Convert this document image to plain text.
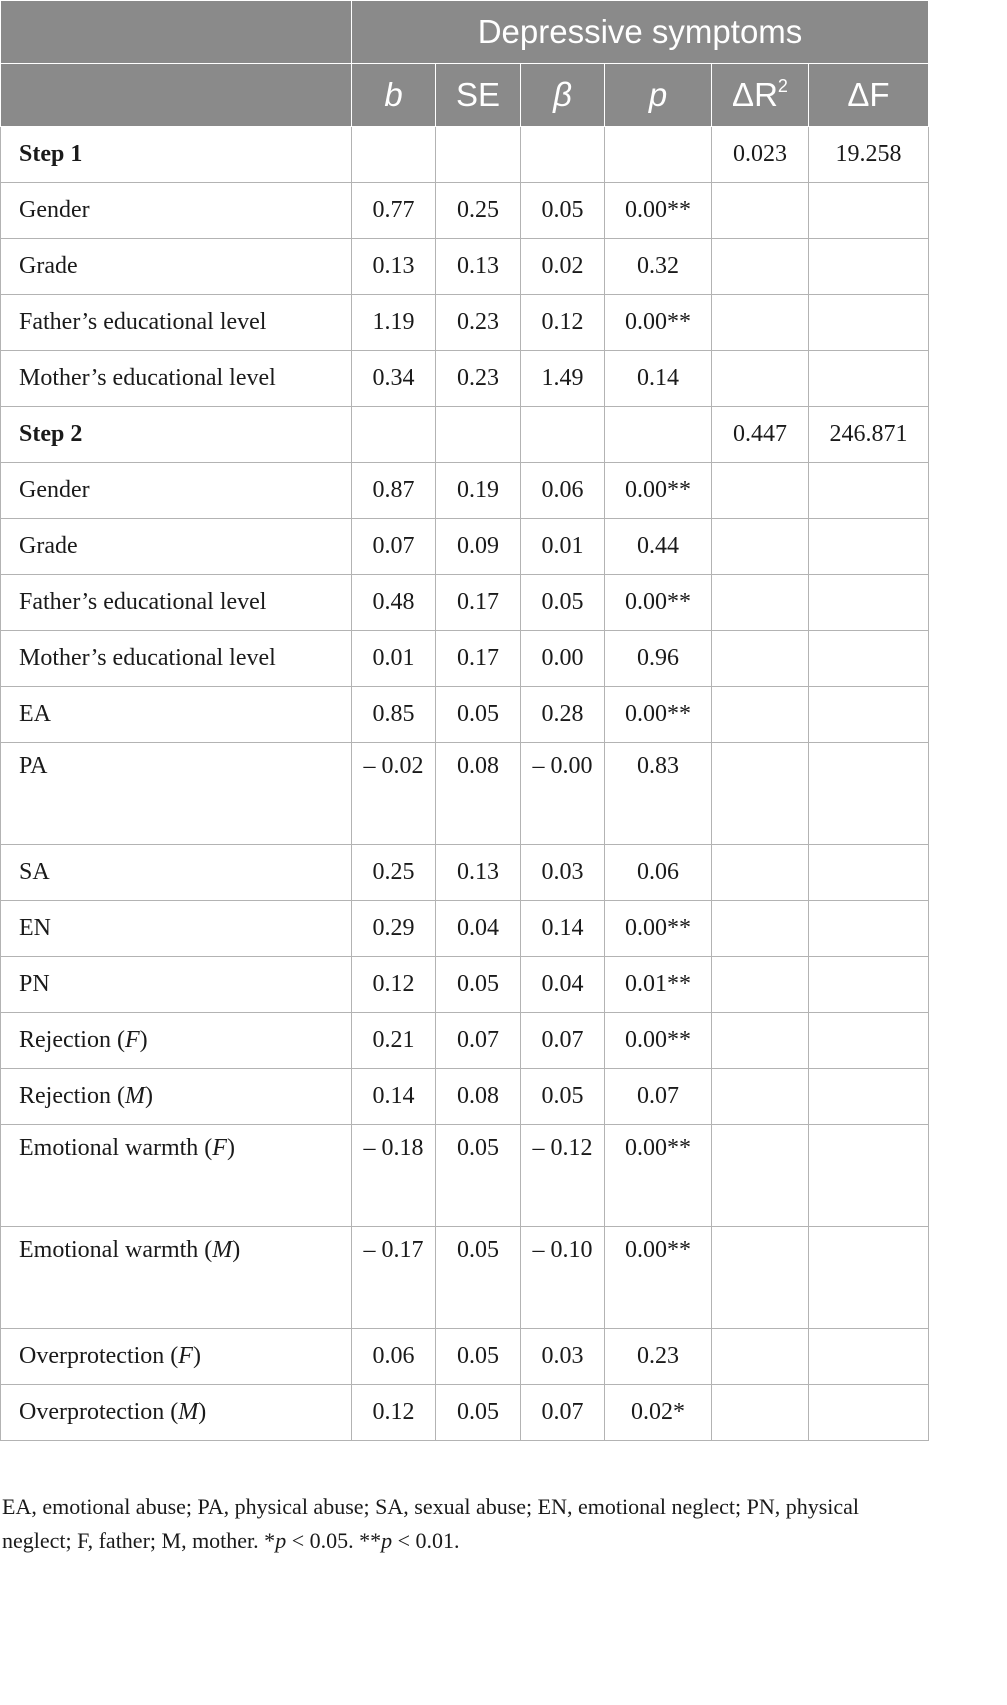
	Depressive symptoms					
	b	SE	β	p	$\Delta R^2$	ΔF
Step 1					0.023	19.258
Gender	0.77	0.25	0.05	0.00**		
Grade	0.13	0.13	0.02	0.32		
Father’s educational level	1.19	0.23	0.12	0.00**		
Mother’s educational level	0.34	0.23	1.49	0.14		
Step 2					0.447	246.871
Gender	0.87	0.19	0.06	0.00**		
Grade	0.07	0.09	0.01	0.44		
Father’s educational level	0.48	0.17	0.05	0.00**		
Mother’s educational level	0.01	0.17	0.00	0.96		
EA	0.85	0.05	0.28	0.00**		
PA	– 0.02	0.08	– 0.00	0.83		
SA	0.25	0.13	0.03	0.06		
EN	0.29	0.04	0.14	0.00**		
PN	0.12	0.05	0.04	0.01**		
Rejection (F)	0.21	0.07	0.07	0.00**		
Rejection (M)	0.14	0.08	0.05	0.07		
Emotional warmth (F)	– 0.18	0.05	– 0.12	0.00**		
Emotional warmth (M)	– 0.17	0.05	– 0.10	0.00**		
Overprotection (F)	0.06	0.05	0.03	0.23		
Overprotection (M)	0.12	0.05	0.07	0.02*		
EA, emotional abuse; PA, physical abuse; SA, sexual abuse; EN, emotional neglect; PN, physical neglect; F, father; M, mother. *p < 0.05. **p < 0.01.
